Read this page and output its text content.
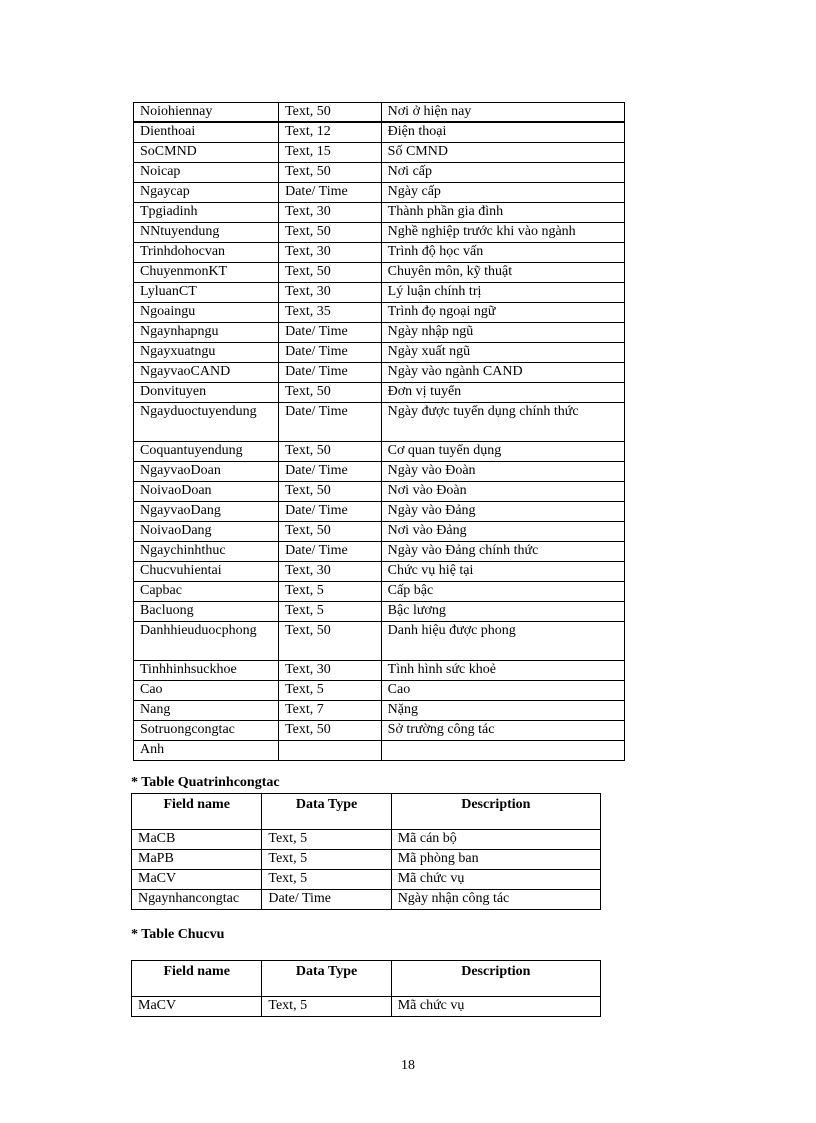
Noiohiennay	Text, 50	Nơi ở hiện nay
Dienthoai	Text, 12	Điện thoại
SoCMND	Text, 15	Số CMND
Noicap	Text, 50	Nơi cấp
Ngaycap	Date/ Time	Ngày cấp
Tpgiadinh	Text, 30	Thành phần gia đình
NNtuyendung	Text, 50	Nghề nghiệp trước khi vào ngành
Trinhdohocvan	Text, 30	Trình độ học vấn
ChuyenmonKT	Text, 50	Chuyên môn, kỹ thuật
LyluanCT	Text, 30	Lý luận chính trị
Ngoaingu	Text, 35	Trình đọ ngoại ngữ
Ngaynhapngu	Date/ Time	Ngày nhập ngũ
Ngayxuatngu	Date/ Time	Ngày xuất ngũ
NgayvaoCAND	Date/ Time	Ngày vào ngành CAND
Donvituyen	Text, 50	Đơn vị tuyển
Ngayduoctuyendung	Date/ Time	Ngày được tuyển dụng chính thức
Coquantuyendung	Text, 50	Cơ quan tuyển dụng
NgayvaoDoan	Date/ Time	Ngày vào Đoàn
NoivaoDoan	Text, 50	Nơi vào Đoàn
NgayvaoDang	Date/ Time	Ngày vào Đảng
NoivaoDang	Text, 50	Nơi vào Đảng
Ngaychinhthuc	Date/ Time	Ngày vào Đảng chính thức
Chucvuhientai	Text, 30	Chức vụ hiệ tại
Capbac	Text, 5	Cấp bậc
Bacluong	Text, 5	Bậc lương
Danhhieuduocphong	Text, 50	Danh hiệu được phong
Tinhhinhsuckhoe	Text, 30	Tình hình sức khoẻ
Cao	Text, 5	Cao
Nang	Text, 7	Nặng
Sotruongcongtac	Text, 50	Sở trường công tác
Anh		
* Table Quatrinhcongtac
Field name	Data Type	Description
MaCB	Text, 5	Mã cán bộ
MaPB	Text, 5	Mã phòng ban
MaCV	Text, 5	Mã chức vụ
Ngaynhancongtac	Date/ Time	Ngày nhận công tác
* Table Chucvu
Field name	Data Type	Description
MaCV	Text, 5	Mã chức vụ
18
